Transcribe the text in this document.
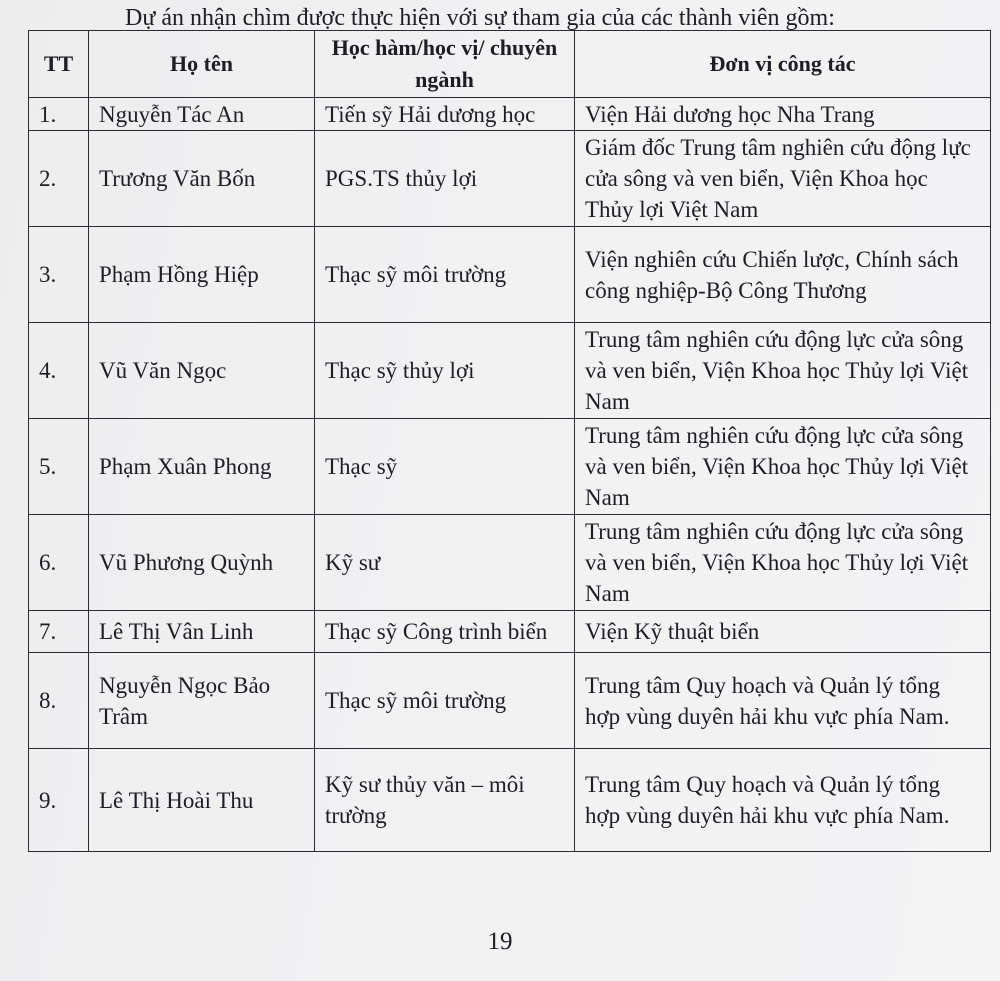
Dự án nhận chìm được thực hiện với sự tham gia của các thành viên gồm:
TT	Họ tên	Học hàm/học vị/ chuyên ngành	Đơn vị công tác
1.	Nguyễn Tác An	Tiến sỹ Hải dương học	Viện Hải dương học Nha Trang
2.	Trương Văn Bốn	PGS.TS thủy lợi	Giám đốc Trung tâm nghiên cứu động lực cửa sông và ven biển, Viện Khoa học Thủy lợi Việt Nam
3.	Phạm Hồng Hiệp	Thạc sỹ môi trường	Viện nghiên cứu Chiến lược, Chính sách công nghiệp-Bộ Công Thương
4.	Vũ Văn Ngọc	Thạc sỹ thủy lợi	Trung tâm nghiên cứu động lực cửa sông và ven biển, Viện Khoa học Thủy lợi Việt Nam
5.	Phạm Xuân Phong	Thạc sỹ	Trung tâm nghiên cứu động lực cửa sông và ven biển, Viện Khoa học Thủy lợi Việt Nam
6.	Vũ Phương Quỳnh	Kỹ sư	Trung tâm nghiên cứu động lực cửa sông và ven biển, Viện Khoa học Thủy lợi Việt Nam
7.	Lê Thị Vân Linh	Thạc sỹ Công trình biển	Viện Kỹ thuật biển
8.	Nguyễn Ngọc Bảo Trâm	Thạc sỹ môi trường	Trung tâm Quy hoạch và Quản lý tổng hợp vùng duyên hải khu vực phía Nam.
9.	Lê Thị Hoài Thu	Kỹ sư thủy văn – môi trường	Trung tâm Quy hoạch và Quản lý tổng hợp vùng duyên hải khu vực phía Nam.
19
